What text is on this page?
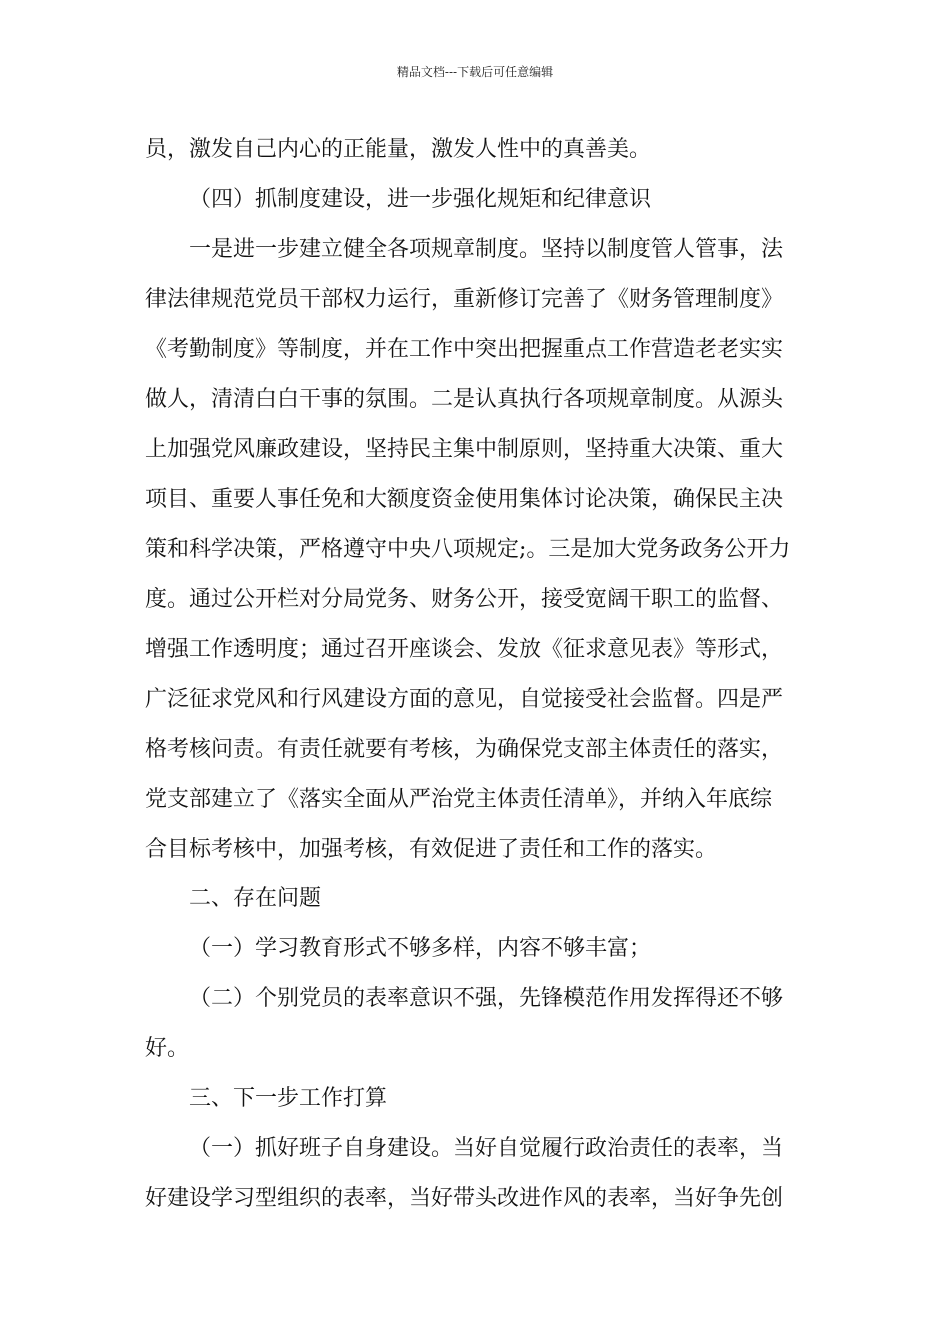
精品文档---下载后可任意编辑
员，激发自己内心的正能量，激发人性中的真善美。
（四）抓制度建设，进一步强化规矩和纪律意识
一是进一步建立健全各项规章制度。坚持以制度管人管事，法
律法律规范党员干部权力运行，重新修订完善了《财务管理制度》
《考勤制度》等制度，并在工作中突出把握重点工作营造老老实实
做人，清清白白干事的氛围。二是认真执行各项规章制度。从源头
上加强党风廉政建设，坚持民主集中制原则，坚持重大决策、重大
项目、重要人事任免和大额度资金使用集体讨论决策，确保民主决
策和科学决策，严格遵守中央八项规定;。三是加大党务政务公开力
度。通过公开栏对分局党务、财务公开，接受宽阔干职工的监督、
增强工作透明度；通过召开座谈会、发放《征求意见表》等形式，
广泛征求党风和行风建设方面的意见，自觉接受社会监督。四是严
格考核问责。有责任就要有考核，为确保党支部主体责任的落实，
党支部建立了《落实全面从严治党主体责任清单》，并纳入年底综
合目标考核中，加强考核，有效促进了责任和工作的落实。
二、存在问题
（一）学习教育形式不够多样，内容不够丰富；
（二）个别党员的表率意识不强，先锋模范作用发挥得还不够
好。
三、下一步工作打算
（一）抓好班子自身建设。当好自觉履行政治责任的表率，当
好建设学习型组织的表率，当好带头改进作风的表率，当好争先创
